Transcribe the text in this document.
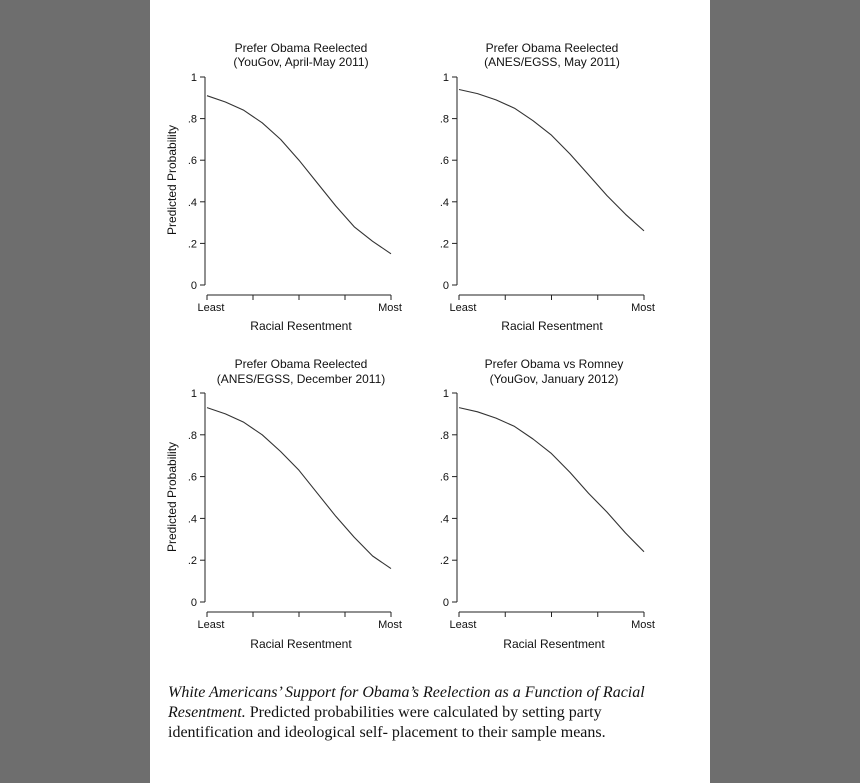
Prefer Obama Reelected
(YouGov, April-May 2011)
Predicted Probability
Racial Resentment
0
.2
.4
.6
.8
1
Least	Most
Prefer Obama Reelected
(ANES/EGSS, May 2011)
Racial Resentment
0
.2
.4
.6
.8
1
Least	Most
Prefer Obama Reelected
(ANES/EGSS, December 2011)
Predicted Probability
Racial Resentment
0
.2
.4
.6
.8
1
Least	Most
Prefer Obama vs Romney
(YouGov, January 2012)
Racial Resentment
0
.2
.4
.6
.8
1
Least	Most
White Americans’ Support for Obama’s Reelection as a Function of Racial
Resentment. Predicted probabilities were calculated by setting party
identification and ideological self- placement to their sample means.
